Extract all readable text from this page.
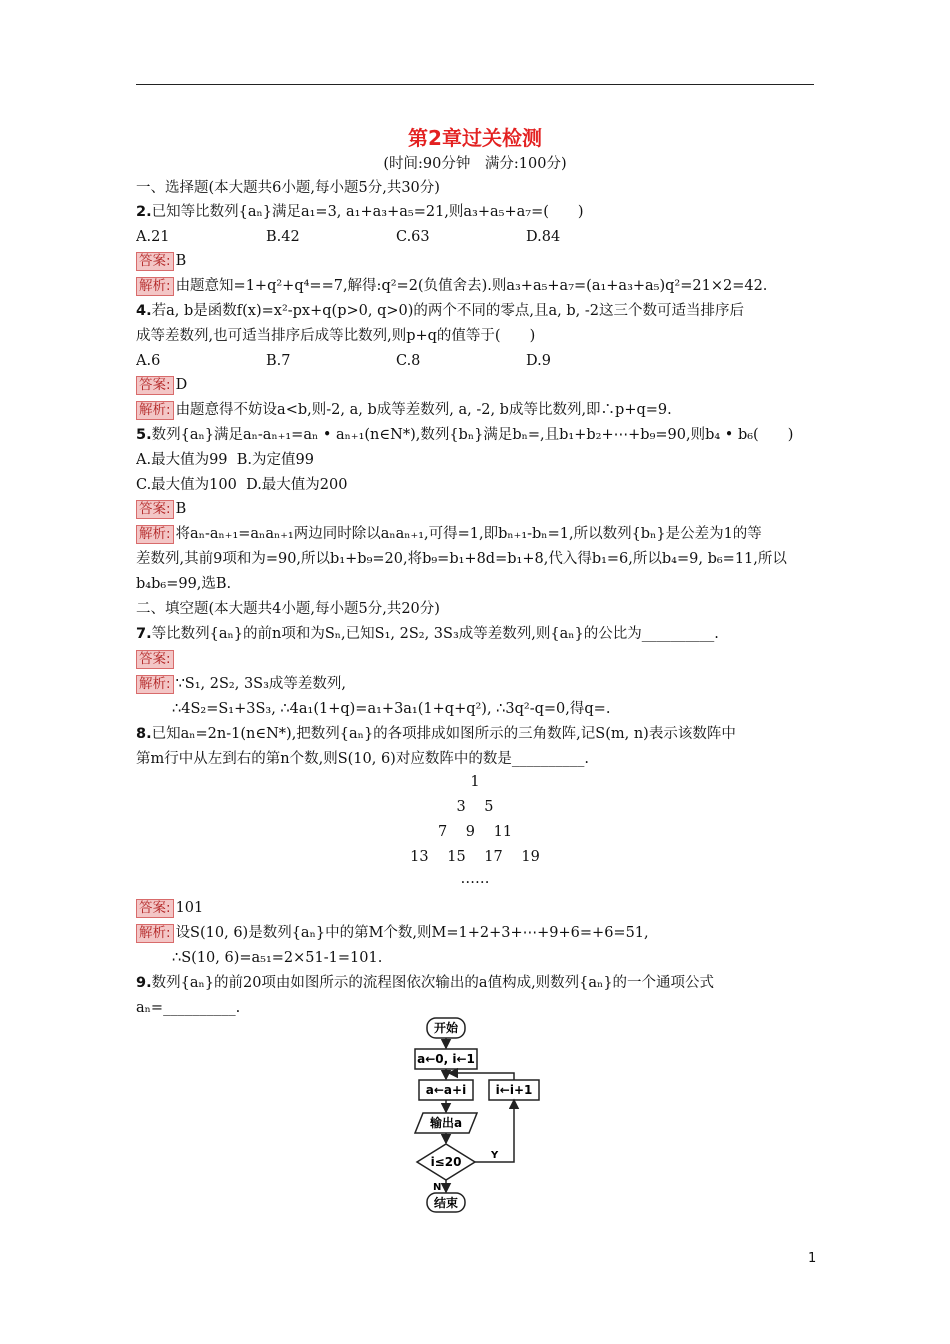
第2章过关检测
(时间:90分钟　满分:100分)
一、选择题(本大题共6小题,每小题5分,共30分)
2.已知等比数列{aₙ}满足a₁=3, a₁+a₃+a₅=21,则a₃+a₅+a₇=(　　)
A.21	B.42	C.63	D.84
答案: B
解析: 由题意知=1+q²+q⁴==7,解得:q²=2(负值舍去).则a₃+a₅+a₇=(a₁+a₃+a₅)q²=21×2=42.
4.若a, b是函数f(x)=x²-px+q(p>0, q>0)的两个不同的零点,且a, b, -2这三个数可适当排序后
成等差数列,也可适当排序后成等比数列,则p+q的值等于(　　)
A.6	B.7	C.8	D.9
答案: D
解析: 由题意得不妨设a<b,则-2, a, b成等差数列, a, -2, b成等比数列,即∴p+q=9.
5.数列{aₙ}满足aₙ-aₙ₊₁=aₙ • aₙ₊₁(n∈N*),数列{bₙ}满足bₙ=,且b₁+b₂+⋯+b₉=90,则b₄ • b₆(　　)
A.最大值为99 B.为定值99
C.最大值为100 D.最大值为200
答案: B
解析: 将aₙ-aₙ₊₁=aₙaₙ₊₁两边同时除以aₙaₙ₊₁,可得=1,即bₙ₊₁-bₙ=1,所以数列{bₙ}是公差为1的等
差数列,其前9项和为=90,所以b₁+b₉=20,将b₉=b₁+8d=b₁+8,代入得b₁=6,所以b₄=9, b₆=11,所以
b₄b₆=99,选B.
二、填空题(本大题共4小题,每小题5分,共20分)
7.等比数列{aₙ}的前n项和为Sₙ,已知S₁, 2S₂, 3S₃成等差数列,则{aₙ}的公比为__________.
答案:
解析: ∵S₁, 2S₂, 3S₃成等差数列,
∴4S₂=S₁+3S₃, ∴4a₁(1+q)=a₁+3a₁(1+q+q²), ∴3q²-q=0,得q=.
8.已知aₙ=2n-1(n∈N*),把数列{aₙ}的各项排成如图所示的三角数阵,记S(m, n)表示该数阵中
第m行中从左到右的第n个数,则S(10, 6)对应数阵中的数是__________.
1
3 5
7 9 11
13 15 17 19
……
答案: 101
解析: 设S(10, 6)是数列{aₙ}中的第M个数,则M=1+2+3+⋯+9+6=+6=51,
∴S(10, 6)=a₅₁=2×51-1=101.
9.数列{aₙ}的前20项由如图所示的流程图依次输出的a值构成,则数列{aₙ}的一个通项公式
aₙ=__________.
开始
a←0, i←1
a←a+i i←i+1
输出a
i≤20	Y
N
结束
1
